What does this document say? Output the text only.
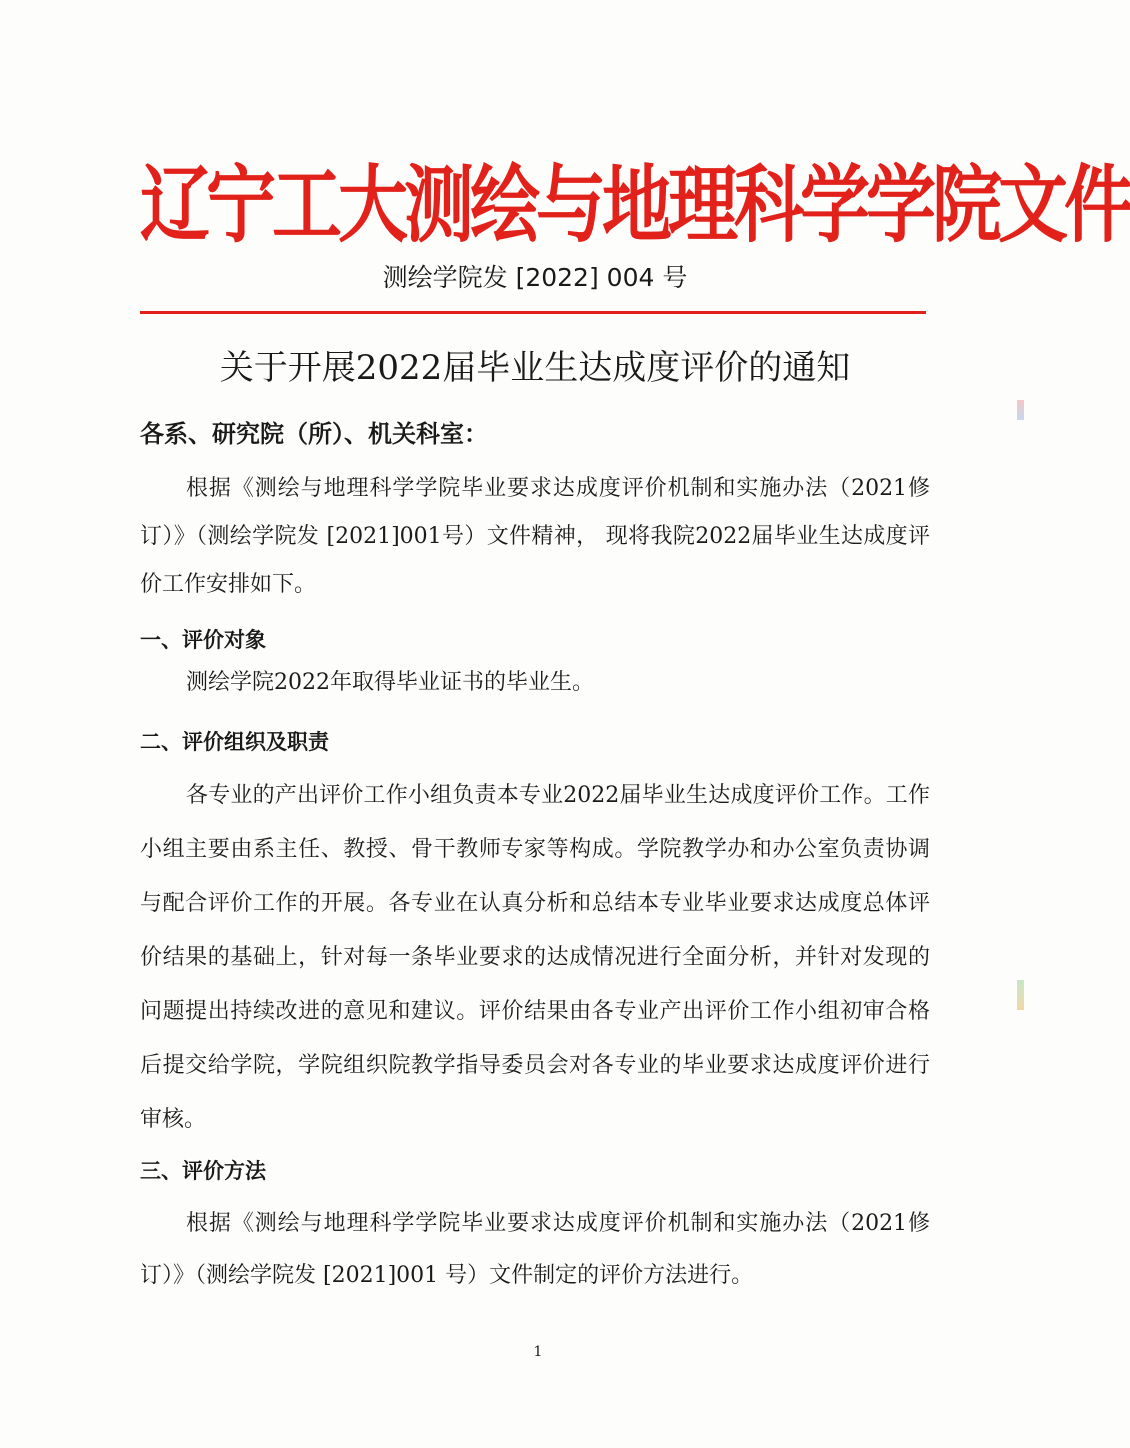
辽宁工大测绘与地理科学学院文件
测绘学院发 [2022] 004 号
关于开展2022届毕业生达成度评价的通知
各系、研究院（所）、机关科室：

根据《测绘与地理科学学院毕业要求达成度评价机制和实施办法（2021修订）》（测绘学院发 [2021]001号）文件精神， 现将我院2022届毕业生达成度评价工作安排如下。

一、评价对象

测绘学院2022年取得毕业证书的毕业生。

二、评价组织及职责

各专业的产出评价工作小组负责本专业2022届毕业生达成度评价工作。工作小组主要由系主任、教授、骨干教师专家等构成。学院教学办和办公室负责协调与配合评价工作的开展。各专业在认真分析和总结本专业毕业要求达成度总体评价结果的基础上，针对每一条毕业要求的达成情况进行全面分析，并针对发现的问题提出持续改进的意见和建议。评价结果由各专业产出评价工作小组初审合格后提交给学院，学院组织院教学指导委员会对各专业的毕业要求达成度评价进行审核。

三、评价方法

根据《测绘与地理科学学院毕业要求达成度评价机制和实施办法（2021修订）》（测绘学院发 [2021]001 号）文件制定的评价方法进行。

1
